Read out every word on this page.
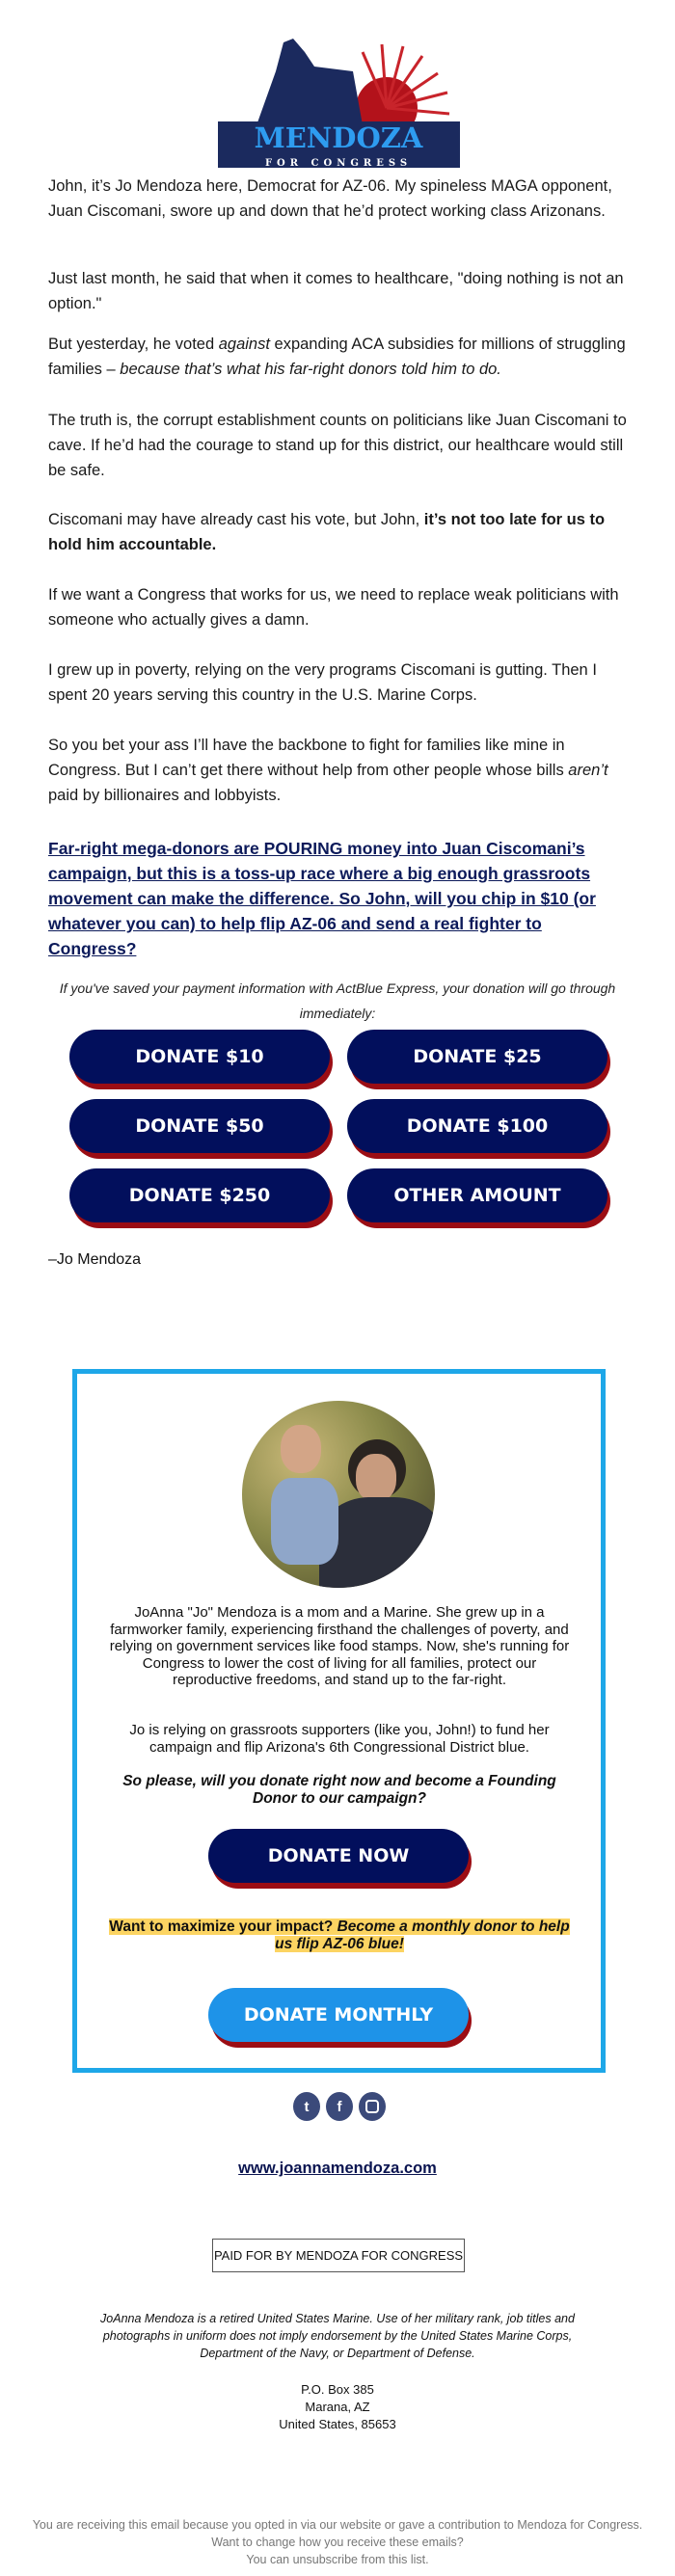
MENDOZA
FOR CONGRESS

John, it’s Jo Mendoza here, Democrat for AZ-06. My spineless MAGA opponent, Juan Ciscomani, swore up and down that he’d protect working class Arizonans.

Just last month, he said that when it comes to healthcare, "doing nothing is not an option."

But yesterday, he voted against expanding ACA subsidies for millions of struggling families – because that’s what his far-right donors told him to do.

The truth is, the corrupt establishment counts on politicians like Juan Ciscomani to cave. If he’d had the courage to stand up for this district, our healthcare would still be safe.

Ciscomani may have already cast his vote, but John, it’s not too late for us to hold him accountable.

If we want a Congress that works for us, we need to replace weak politicians with someone who actually gives a damn.

I grew up in poverty, relying on the very programs Ciscomani is gutting. Then I spent 20 years serving this country in the U.S. Marine Corps.

So you bet your ass I’ll have the backbone to fight for families like mine in Congress. But I can’t get there without help from other people whose bills aren’t paid by billionaires and lobbyists.

Far-right mega-donors are POURING money into Juan Ciscomani’s campaign, but this is a toss-up race where a big enough grassroots movement can make the difference. So John, will you chip in $10 (or whatever you can) to help flip AZ-06 and send a real fighter to Congress?

If you've saved your payment information with ActBlue Express, your donation will go through immediately:

DONATE $10	DONATE $25
DONATE $50	DONATE $100
DONATE $250	OTHER AMOUNT

–Jo Mendoza

JoAnna "Jo" Mendoza is a mom and a Marine. She grew up in a farmworker family, experiencing firsthand the challenges of poverty, and relying on government services like food stamps. Now, she's running for Congress to lower the cost of living for all families, protect our reproductive freedoms, and stand up to the far-right.

Jo is relying on grassroots supporters (like you, John!) to fund her campaign and flip Arizona's 6th Congressional District blue.

So please, will you donate right now and become a Founding Donor to our campaign?

DONATE NOW

Want to maximize your impact? Become a monthly donor to help us flip AZ-06 blue!

DONATE MONTHLY
t	f
www.joannamendoza.com
PAID FOR BY MENDOZA FOR CONGRESS

JoAnna Mendoza is a retired United States Marine. Use of her military rank, job titles and photographs in uniform does not imply endorsement by the United States Marine Corps, Department of the Navy, or Department of Defense.

P.O. Box 385
Marana, AZ
United States, 85653
You are receiving this email because you opted in via our website or gave a contribution to Mendoza for Congress. Want to change how you receive these emails?
You can unsubscribe from this list.
